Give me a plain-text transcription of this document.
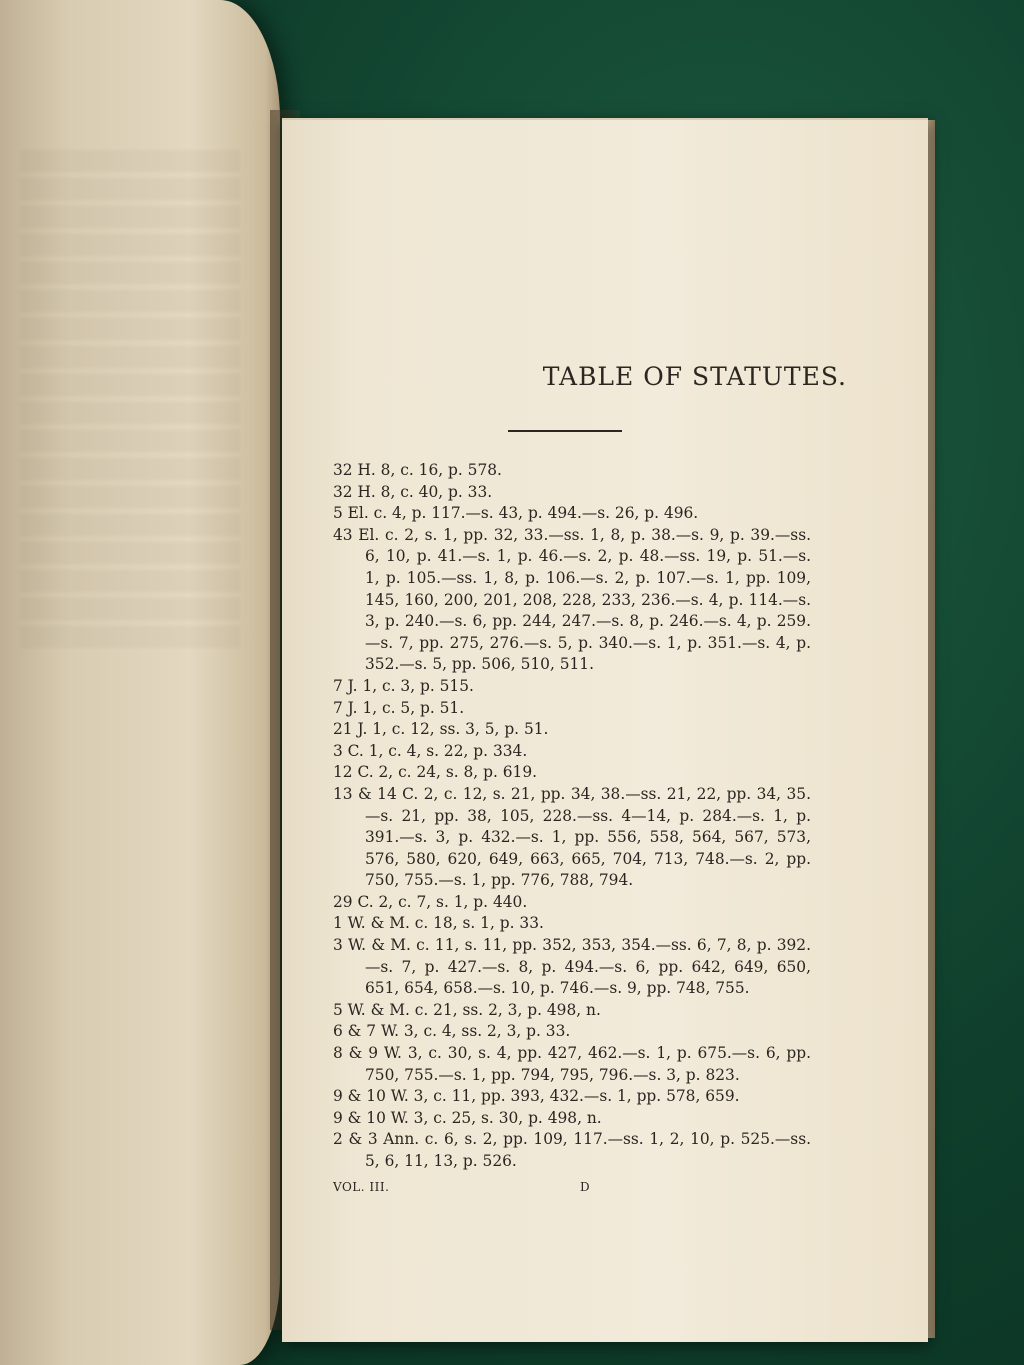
TABLE OF STATUTES.
32 H. 8, c. 16, p. 578.
32 H. 8, c. 40, p. 33.
5 El. c. 4, p. 117.—s. 43, p. 494.—s. 26, p. 496.
43 El. c. 2, s. 1, pp. 32, 33.—ss. 1, 8, p. 38.—s. 9, p. 39.—ss. 6, 10, p. 41.—s. 1, p. 46.—s. 2, p. 48.—ss. 19, p. 51.—s. 1, p. 105.—ss. 1, 8, p. 106.—s. 2, p. 107.—s. 1, pp. 109, 145, 160, 200, 201, 208, 228, 233, 236.—s. 4, p. 114.—s. 3, p. 240.—s. 6, pp. 244, 247.—s. 8, p. 246.—s. 4, p. 259.—s. 7, pp. 275, 276.—s. 5, p. 340.—s. 1, p. 351.—s. 4, p. 352.—s. 5, pp. 506, 510, 511.
7 J. 1, c. 3, p. 515.
7 J. 1, c. 5, p. 51.
21 J. 1, c. 12, ss. 3, 5, p. 51.
3 C. 1, c. 4, s. 22, p. 334.
12 C. 2, c. 24, s. 8, p. 619.
13 & 14 C. 2, c. 12, s. 21, pp. 34, 38.—ss. 21, 22, pp. 34, 35.—s. 21, pp. 38, 105, 228.—ss. 4—14, p. 284.—s. 1, p. 391.—s. 3, p. 432.—s. 1, pp. 556, 558, 564, 567, 573, 576, 580, 620, 649, 663, 665, 704, 713, 748.—s. 2, pp. 750, 755.—s. 1, pp. 776, 788, 794.
29 C. 2, c. 7, s. 1, p. 440.
1 W. & M. c. 18, s. 1, p. 33.
3 W. & M. c. 11, s. 11, pp. 352, 353, 354.—ss. 6, 7, 8, p. 392.—s. 7, p. 427.—s. 8, p. 494.—s. 6, pp. 642, 649, 650, 651, 654, 658.—s. 10, p. 746.—s. 9, pp. 748, 755.
5 W. & M. c. 21, ss. 2, 3, p. 498, n.
6 & 7 W. 3, c. 4, ss. 2, 3, p. 33.
8 & 9 W. 3, c. 30, s. 4, pp. 427, 462.—s. 1, p. 675.—s. 6, pp. 750, 755.—s. 1, pp. 794, 795, 796.—s. 3, p. 823.
9 & 10 W. 3, c. 11, pp. 393, 432.—s. 1, pp. 578, 659.
9 & 10 W. 3, c. 25, s. 30, p. 498, n.
2 & 3 Ann. c. 6, s. 2, pp. 109, 117.—ss. 1, 2, 10, p. 525.—ss. 5, 6, 11, 13, p. 526.
VOL. III.	D
